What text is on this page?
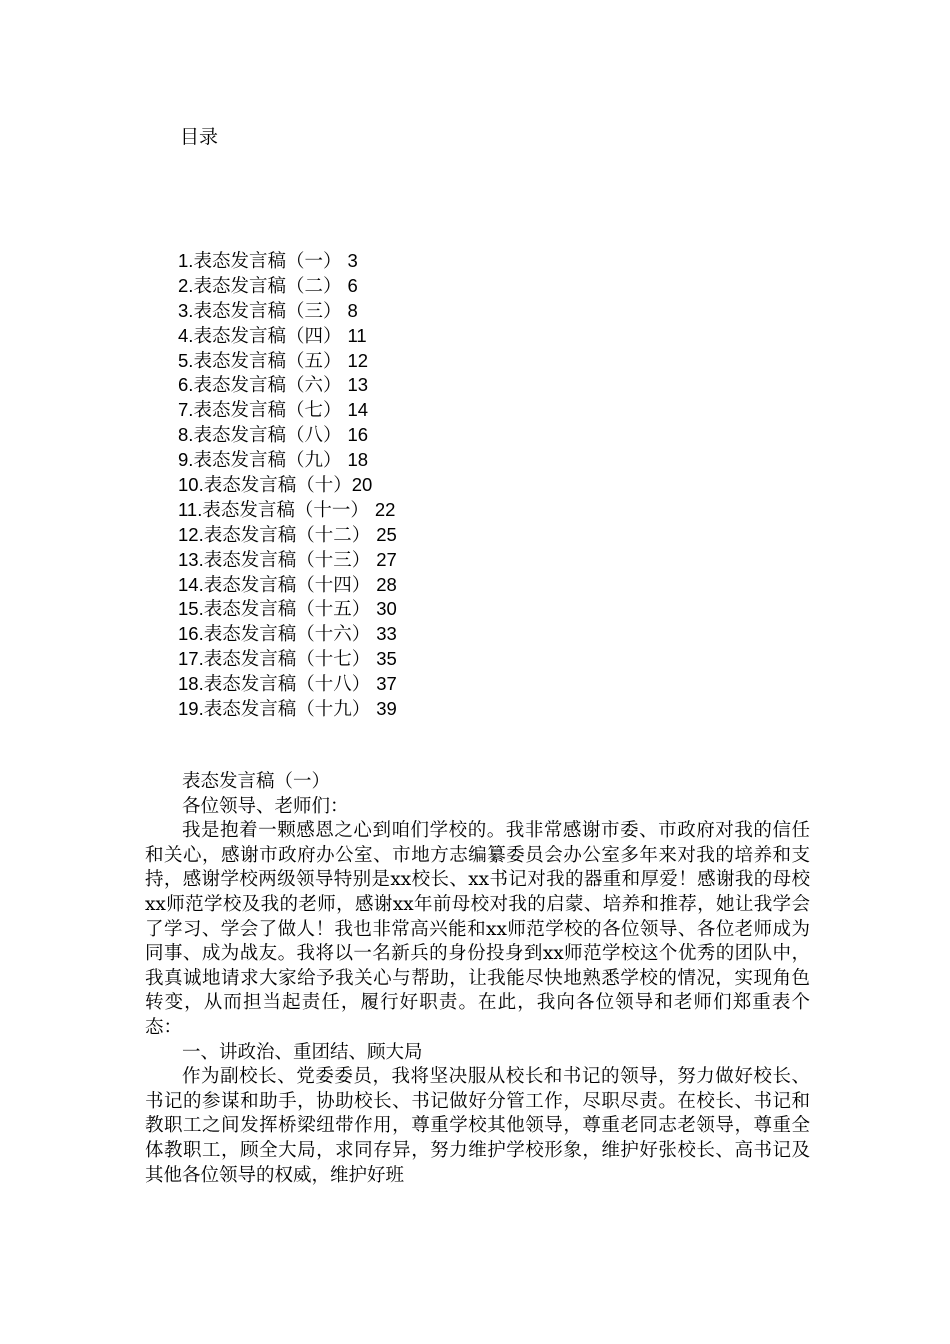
目录
1.表态发言稿（一） 3
2.表态发言稿（二） 6
3.表态发言稿（三） 8
4.表态发言稿（四） 11
5.表态发言稿（五） 12
6.表态发言稿（六） 13
7.表态发言稿（七） 14
8.表态发言稿（八） 16
9.表态发言稿（九） 18
10.表态发言稿（十）20
11.表态发言稿（十一） 22
12.表态发言稿（十二） 25
13.表态发言稿（十三） 27
14.表态发言稿（十四） 28
15.表态发言稿（十五） 30
16.表态发言稿（十六） 33
17.表态发言稿（十七） 35
18.表态发言稿（十八） 37
19.表态发言稿（十九） 39

表态发言稿（一）

各位领导、老师们：

我是抱着一颗感恩之心到咱们学校的。我非常感谢市委、市政府对我的信任和关心，感谢市政府办公室、市地方志编纂委员会办公室多年来对我的培养和支持，感谢学校两级领导特别是xx校长、xx书记对我的器重和厚爱！感谢我的母校xx师范学校及我的老师，感谢xx年前母校对我的启蒙、培养和推荐，她让我学会了学习、学会了做人！我也非常高兴能和xx师范学校的各位领导、各位老师成为同事、成为战友。我将以一名新兵的身份投身到xx师范学校这个优秀的团队中，我真诚地请求大家给予我关心与帮助，让我能尽快地熟悉学校的情况，实现角色转变，从而担当起责任，履行好职责。在此，我向各位领导和老师们郑重表个态：

一、讲政治、重团结、顾大局

作为副校长、党委委员，我将坚决服从校长和书记的领导，努力做好校长、书记的参谋和助手，协助校长、书记做好分管工作，尽职尽责。在校长、书记和教职工之间发挥桥梁纽带作用，尊重学校其他领导，尊重老同志老领导，尊重全体教职工，顾全大局，求同存异，努力维护学校形象，维护好张校长、高书记及其他各位领导的权威，维护好班
